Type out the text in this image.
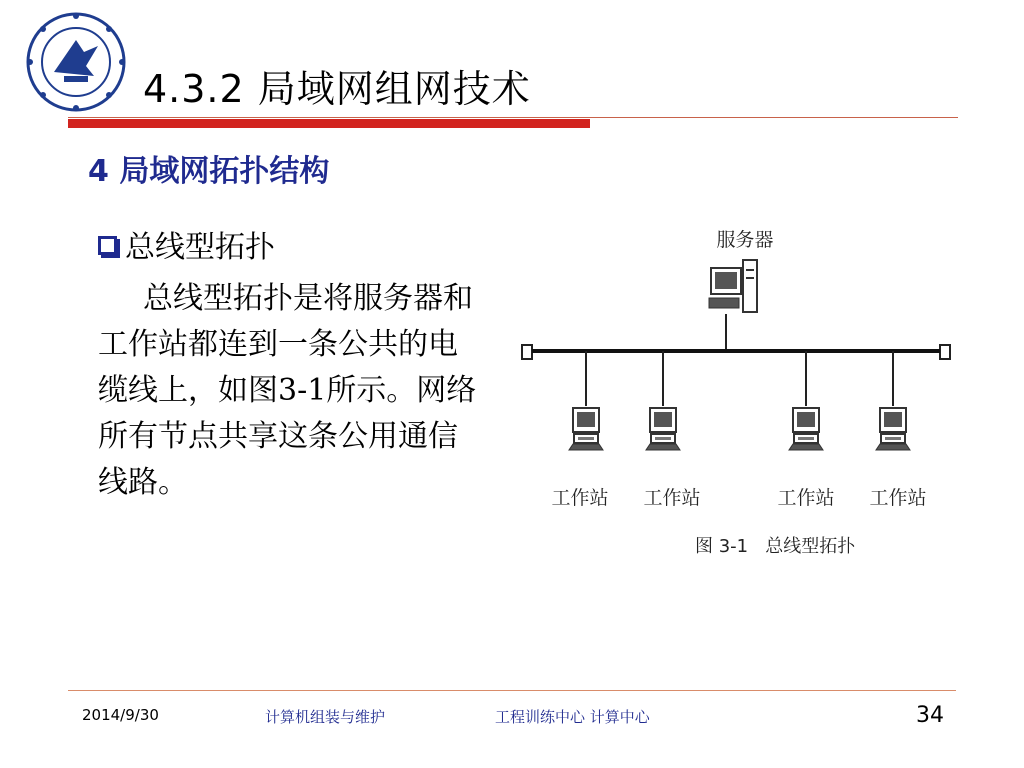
4.3.2 局域网组网技术
4 局域网拓扑结构
总线型拓扑
总线型拓扑是将服务器和工作站都连到一条公共的电缆线上，如图3-1所示。网络所有节点共享这条公用通信线路。
服务器
工作站 工作站	工作站 工作站
图 3-1   总线型拓扑
2014/9/30	计算机组装与维护	工程训练中心 计算中心	34
